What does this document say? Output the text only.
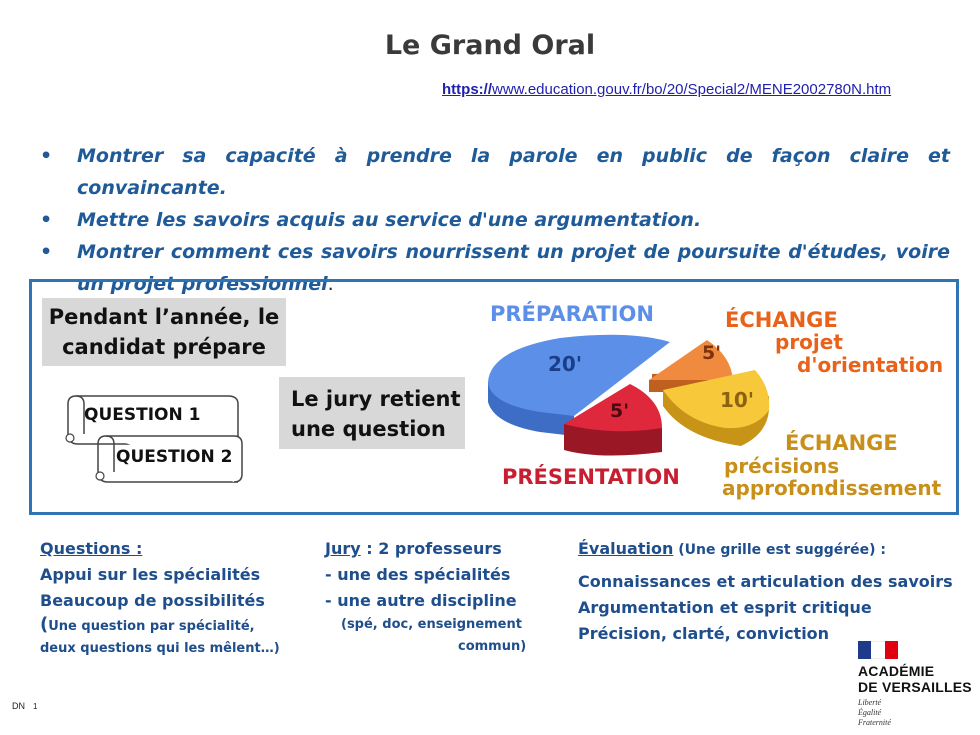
Le Grand Oral
https://www.education.gouv.fr/bo/20/Special2/MENE2002780N.htm
• Montrer sa capacité à prendre la parole en public de façon claire et convaincante.
• Mettre les savoirs acquis au service d'une argumentation.
• Montrer comment ces savoirs nourrissent un projet de poursuite d'études, voire un projet professionnel.
Pendant l’année, le
candidat prépare
QUESTION 1
QUESTION 2
Le jury retient
une question
PRÉPARATION
20'
5'
PRÉSENTATION
5'
10'
ÉCHANGE
projet
d'orientation
ÉCHANGE
précisions
approfondissement
Questions :
Appui sur les spécialités
Beaucoup de possibilités
(Une question par spécialité,
deux questions qui les mêlent…)
Jury : 2 professeurs
- une des spécialités
- une autre discipline
(spé, doc, enseignement
commun)
Évaluation (Une grille est suggérée) :
Connaissances et articulation des savoirs
Argumentation et esprit critique
Précision, clarté, conviction
ACADÉMIE
DE VERSAILLES
Liberté
Égalité
Fraternité
DN 1
